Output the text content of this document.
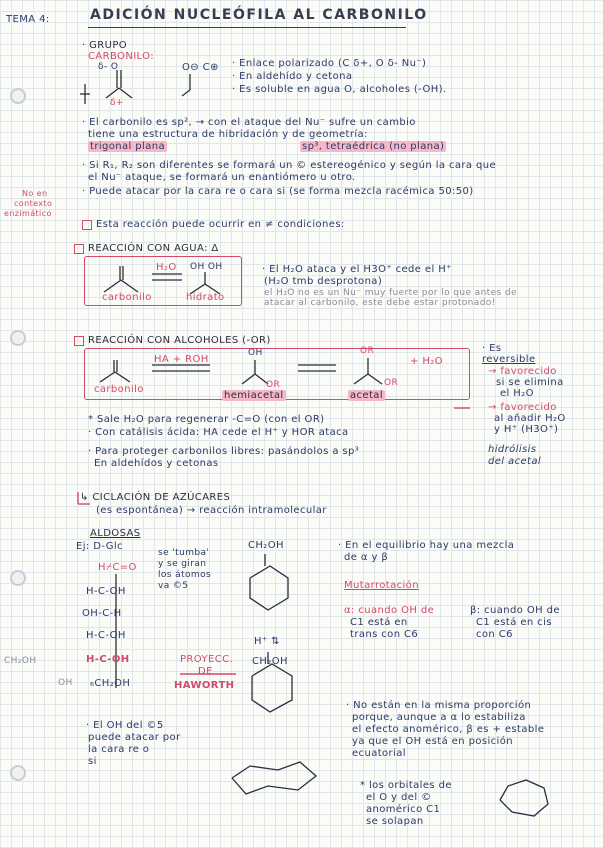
TEMA 4:	ADICIÓN NUCLEÓFILA AL CARBONILO
· GRUPO
CARBONILO:
δ- O
δ+
O⊖ C⊕ · Enlace polarizado (C δ+, O δ- Nu⁻)
· En aldehído y cetona
· Es soluble en agua O, alcoholes (-OH).
· El carbonilo es sp², → con el ataque del Nu⁻ sufre un cambio
tiene una estructura de hibridación y de geometría:
trigonal plana	sp³, tetraédrica (no plana)
No en
contexto
enzimático
· Si R₁, R₂ son diferentes se formará un © estereogénico y según la cara que
el Nu⁻ ataque, se formará un enantiómero u otro.
· Puede atacar por la cara re o cara si (se forma mezcla racémica 50:50)
Esta reacción puede ocurrir en ≠ condiciones:
REACCIÓN CON AGUA: Δ
H₂O OH OH
carbonilo	hidrato
· El H₂O ataca y el H3O⁺ cede el H⁺
(H₂O tmb desprotona)
el H₂O no es un Nu⁻ muy fuerte por lo que antes de
atacar al carbonilo, este debe estar protonado!
REACCIÓN CON ALCOHOLES (-OR)
HA + ROH
OH
OR
OR
OR
+ H₂O
carbonilo
hemiacetal	acetal
· Es
reversible
→ favorecido
si se elimina
el H₂O
→ favorecido
al añadir H₂O
y H⁺ (H3O⁺)
hidrólisis
del acetal
* Sale H₂O para regenerar -C=O (con el OR)
· Con catálisis ácida: HA cede el H⁺ y HOR ataca
· Para proteger carbonilos libres: pasándolos a sp³
En aldehídos y cetonas
↳ CICLACIÓN DE AZÚCARES
(es espontánea) → reacción intramolecular
ALDOSAS
Ej: D-Glc
se 'tumba'
y se giran
los átomos
va ©5
H⌿C=O
H-C-OH
OH-C-H
H-C-OH
H-C-OH
₆CH₂OH
CH₂OH
OH
PROYECC.
DE
HAWORTH
CH₂OH
CH₂OH
H⁺ ⇅
· El OH del ©5
puede atacar por
la cara re o
si
· En el equilibrio hay una mezcla
de α y β
Mutarrotación
α: cuando OH de
C1 está en
trans con C6
β: cuando OH de
C1 está en cis
con C6
· No están en la misma proporción
porque, aunque a α lo estabiliza
el efecto anomérico, β es + estable
ya que el OH está en posición
ecuatorial
* los orbitales de
el O y del ©
anomérico C1
se solapan
